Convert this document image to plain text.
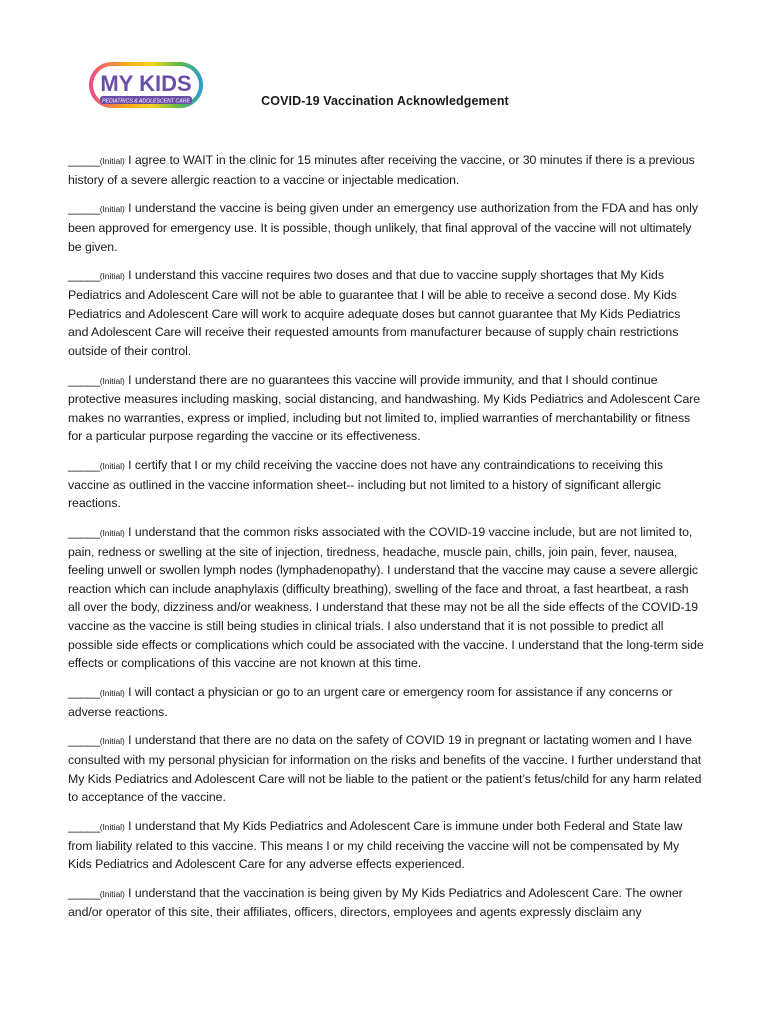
MY KIDS
PEDIATRICS & ADOLESCENT CARE	COVID-19 Vaccination Acknowledgement

_____(Initial) I agree to WAIT in the clinic for 15 minutes after receiving the vaccine, or 30 minutes if there is a previous history of a severe allergic reaction to a vaccine or injectable medication.

_____(Initial) I understand the vaccine is being given under an emergency use authorization from the FDA and has only been approved for emergency use. It is possible, though unlikely, that final approval of the vaccine will not ultimately be given.

_____(Initial) I understand this vaccine requires two doses and that due to vaccine supply shortages that My Kids Pediatrics and Adolescent Care will not be able to guarantee that I will be able to receive a second dose. My Kids Pediatrics and Adolescent Care will work to acquire adequate doses but cannot guarantee that My Kids Pediatrics and Adolescent Care will receive their requested amounts from manufacturer because of supply chain restrictions outside of their control.

_____(Initial) I understand there are no guarantees this vaccine will provide immunity, and that I should continue protective measures including masking, social distancing, and handwashing. My Kids Pediatrics and Adolescent Care makes no warranties, express or implied, including but not limited to, implied warranties of merchantability or fitness for a particular purpose regarding the vaccine or its effectiveness.

_____(Initial) I certify that I or my child receiving the vaccine does not have any contraindications to receiving this vaccine as outlined in the vaccine information sheet-- including but not limited to a history of significant allergic reactions.

_____(Initial) I understand that the common risks associated with the COVID-19 vaccine include, but are not limited to, pain, redness or swelling at the site of injection, tiredness, headache, muscle pain, chills, join pain, fever, nausea, feeling unwell or swollen lymph nodes (lymphadenopathy). I understand that the vaccine may cause a severe allergic reaction which can include anaphylaxis (difficulty breathing), swelling of the face and throat, a fast heartbeat, a rash all over the body, dizziness and/or weakness. I understand that these may not be all the side effects of the COVID-19 vaccine as the vaccine is still being studies in clinical trials. I also understand that it is not possible to predict all possible side effects or complications which could be associated with the vaccine. I understand that the long-term side effects or complications of this vaccine are not known at this time.

_____(Initial) I will contact a physician or go to an urgent care or emergency room for assistance if any concerns or adverse reactions.

_____(Initial) I understand that there are no data on the safety of COVID 19 in pregnant or lactating women and I have consulted with my personal physician for information on the risks and benefits of the vaccine. I further understand that My Kids Pediatrics and Adolescent Care will not be liable to the patient or the patient’s fetus/child for any harm related to acceptance of the vaccine.

_____(Initial) I understand that My Kids Pediatrics and Adolescent Care is immune under both Federal and State law from liability related to this vaccine. This means I or my child receiving the vaccine will not be compensated by My Kids Pediatrics and Adolescent Care for any adverse effects experienced.

_____(Initial) I understand that the vaccination is being given by My Kids Pediatrics and Adolescent Care. The owner and/or operator of this site, their affiliates, officers, directors, employees and agents expressly disclaim any
